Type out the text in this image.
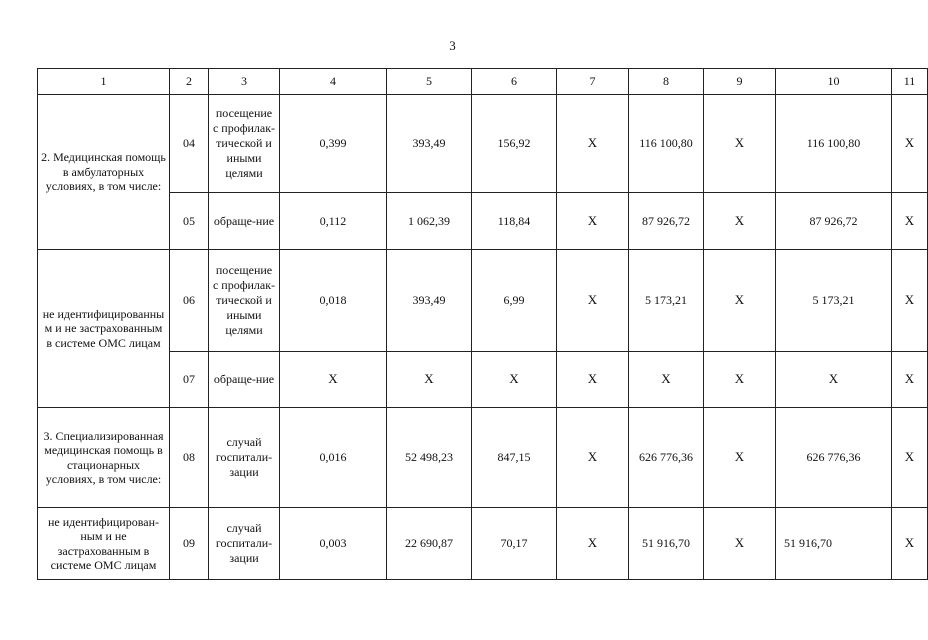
3
1	2	3	4	5	6	7	8	9	10	11
2. Медицинская помощь в амбулаторных условиях, в том числе:	04	посещение с профилак-тической и иными целями	0,399	393,49	156,92	X	116 100,80	X	116 100,80	X
	05	обраще-ние	0,112	1 062,39	118,84	X	87 926,72	X	87 926,72	X
не идентифицированны м и не застрахованным в системе ОМС лицам	06	посещение с профилак-тической и иными целями	0,018	393,49	6,99	X	5 173,21	X	5 173,21	X
	07	обраще-ние	X	X	X	X	X	X	X	X
3. Специализированная медицинская помощь в стационарных условиях, в том числе:	08	случай госпитали-зации	0,016	52 498,23	847,15	X	626 776,36	X	626 776,36	X
не идентифицирован-ным и не застрахованным в системе ОМС лицам	09	случай госпитали-зации	0,003	22 690,87	70,17	X	51 916,70	X	51 916,70	X
